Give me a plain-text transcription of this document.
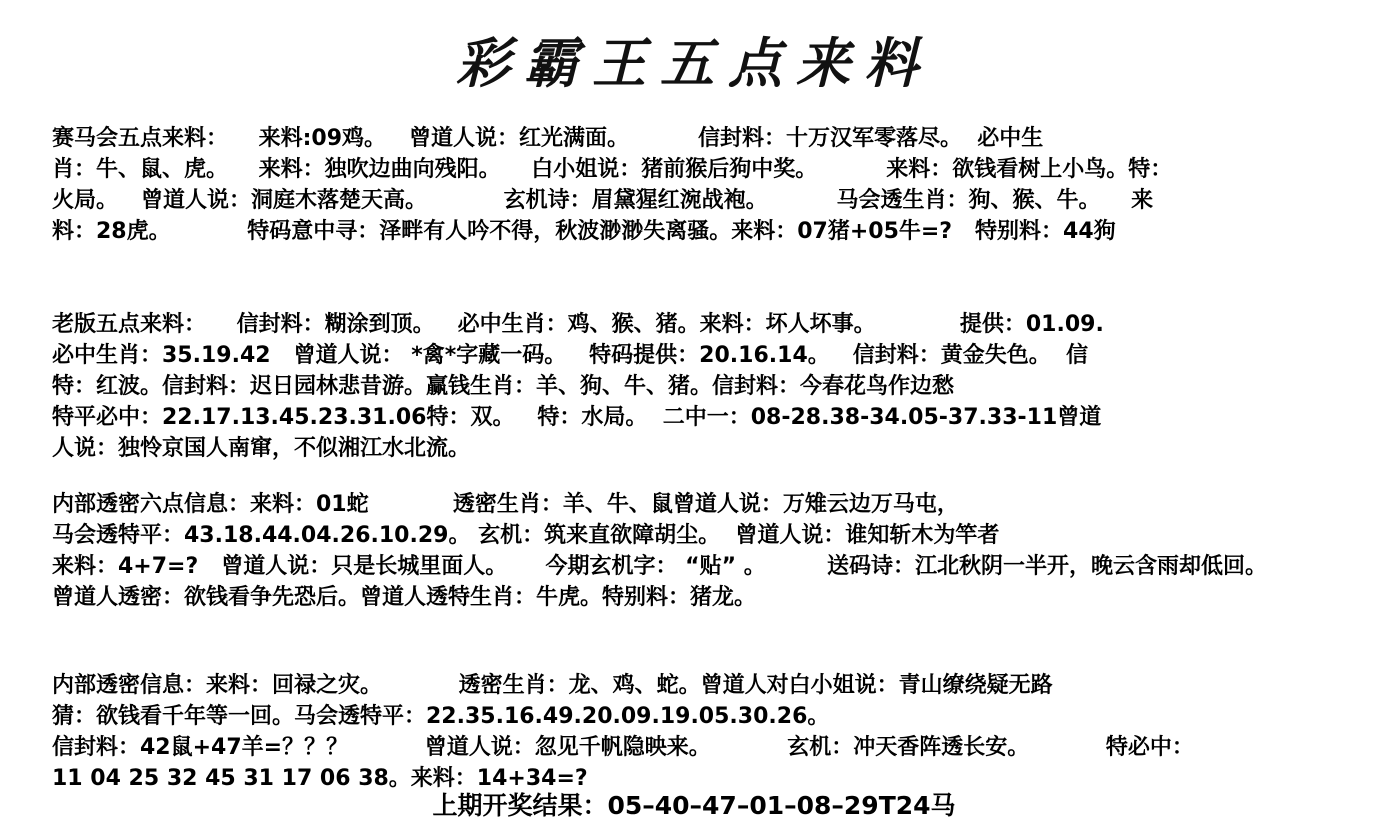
彩霸王五点来料
赛马会五点来料：    来料:09鸡。   曾道人说：红光满面。         信封料：十万汉军零落尽。  必中生
肖：牛、鼠、虎。    来料：独吹边曲向残阳。    白小姐说：猪前猴后狗中奖。         来料：欲钱看树上小鸟。特：
火局。   曾道人说：洞庭木落楚天高。          玄机诗：眉黛猩红涴战袍。         马会透生肖：狗、猴、牛。    来
料：28虎。          特码意中寻：泽畔有人吟不得，秋波渺渺失离骚。来料：07猪+05牛=?   特别料：44狗
老版五点来料：    信封料：糊涂到顶。   必中生肖：鸡、猴、猪。来料：坏人坏事。           提供：01.09.
必中生肖：35.19.42   曾道人说： *禽*字藏一码。   特码提供：20.16.14。   信封料：黄金失色。  信
特：红波。信封料：迟日园林悲昔游。赢钱生肖：羊、狗、牛、猪。信封料：今春花鸟作边愁
特平必中：22.17.13.45.23.31.06特：双。   特：水局。  二中一：08-28.38-34.05-37.33-11曾道
人说：独怜京国人南窜，不似湘江水北流。
内部透密六点信息：来料：01蛇           透密生肖：羊、牛、鼠曾道人说：万雉云边万马屯，
马会透特平：43.18.44.04.26.10.29。 玄机：筑来直欲障胡尘。  曾道人说：谁知斩木为竿者
来料：4+7=?   曾道人说：只是长城里面人。     今期玄机字： “贴” 。        送码诗：江北秋阴一半开，晚云含雨却低回。
曾道人透密：欲钱看争先恐后。曾道人透特生肖：牛虎。特别料：猪龙。
内部透密信息：来料：回禄之灾。          透密生肖：龙、鸡、蛇。曾道人对白小姐说：青山缭绕疑无路
猜：欲钱看千年等一回。马会透特平：22.35.16.49.20.09.19.05.30.26。
信封料：42鼠+47羊=？？？          曾道人说：忽见千帆隐映来。          玄机：冲天香阵透长安。          特必中：
11 04 25 32 45 31 17 06 38。来料：14+34=?
上期开奖结果：05–40–47–01–08–29T24马
